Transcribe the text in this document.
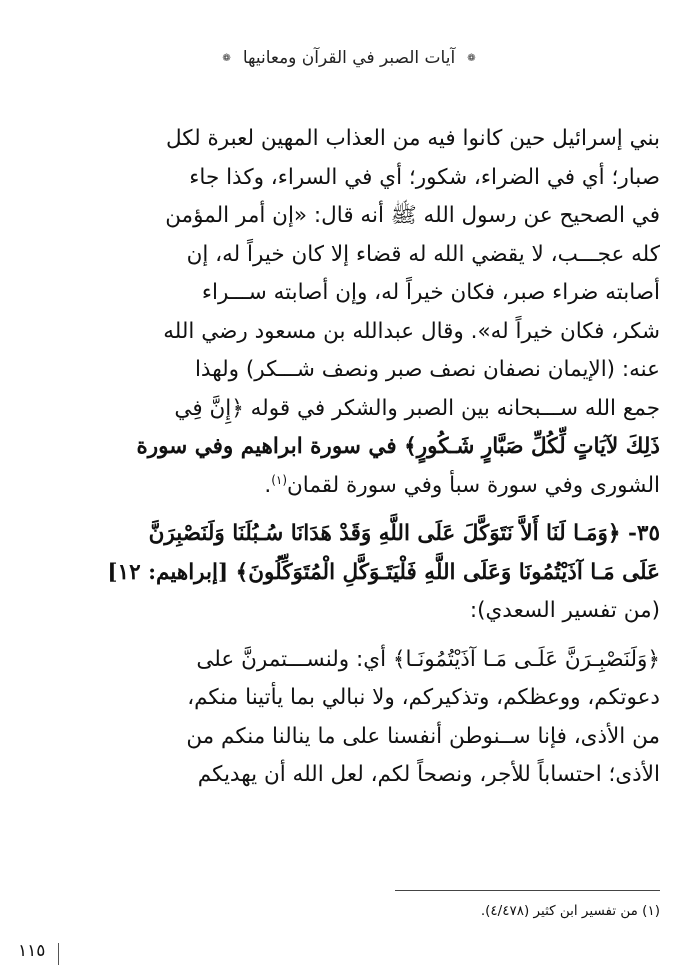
❁
آيات الصبر في القرآن ومعانيها
❁

بني إسرائيل حين كانوا فيه من العذاب المهين لعبرة لكل

صبار؛ أي في الضراء، شكور؛ أي في السراء، وكذا جاء

في الصحيح عن رسول الله ﷺ أنه قال: «إن أمر المؤمن

كله عجـــب، لا يقضي الله له قضاء إلا كان خيراً له، إن

أصابته ضراء صبر، فكان خيراً له، وإن أصابته ســـراء

شكر، فكان خيراً له». وقال عبدالله بن مسعود رضي الله

عنه: (الإيمان نصفان نصف صبر ونصف شـــكر) ولهذا

جمع الله ســـبحانه بين الصبر والشكر في قوله ﴿إِنَّ فِي

ذَلِكَ لآيَاتٍ لِّكُلِّ صَبَّارٍ شَـكُورٍ﴾ في سورة ابراهيم وفي سورة

الشورى وفي سورة سبأ وفي سورة لقمان$^{(١)}$.

٣٥- ﴿وَمَـا لَنَا أَلاَّ نَتَوَكَّلَ عَلَى اللَّهِ وَقَدْ هَدَانَا سُـبُلَنَا وَلَنَصْبِرَنَّ

عَلَى مَـا آذَيْتُمُونَا وَعَلَى اللَّهِ فَلْيَتَـوَكَّلِ الْمُتَوَكِّلُونَ﴾ [إبراهيم: ١٢]

(من تفسير السعدي):

﴿وَلَنَصْبِـرَنَّ عَلَـى مَـا آذَيْتُمُونَـا﴾ أي: ولنســـتمرنَّ على

دعوتكم، ووعظكم، وتذكيركم، ولا نبالي بما يأتينا منكم،

من الأذى، فإنا ســنوطن أنفسنا على ما ينالنا منكم من

الأذى؛ احتساباً للأجر، ونصحاً لكم، لعل الله أن يهديكم

(١) من تفسير ابن كثير (٤/٤٧٨).
١١٥
